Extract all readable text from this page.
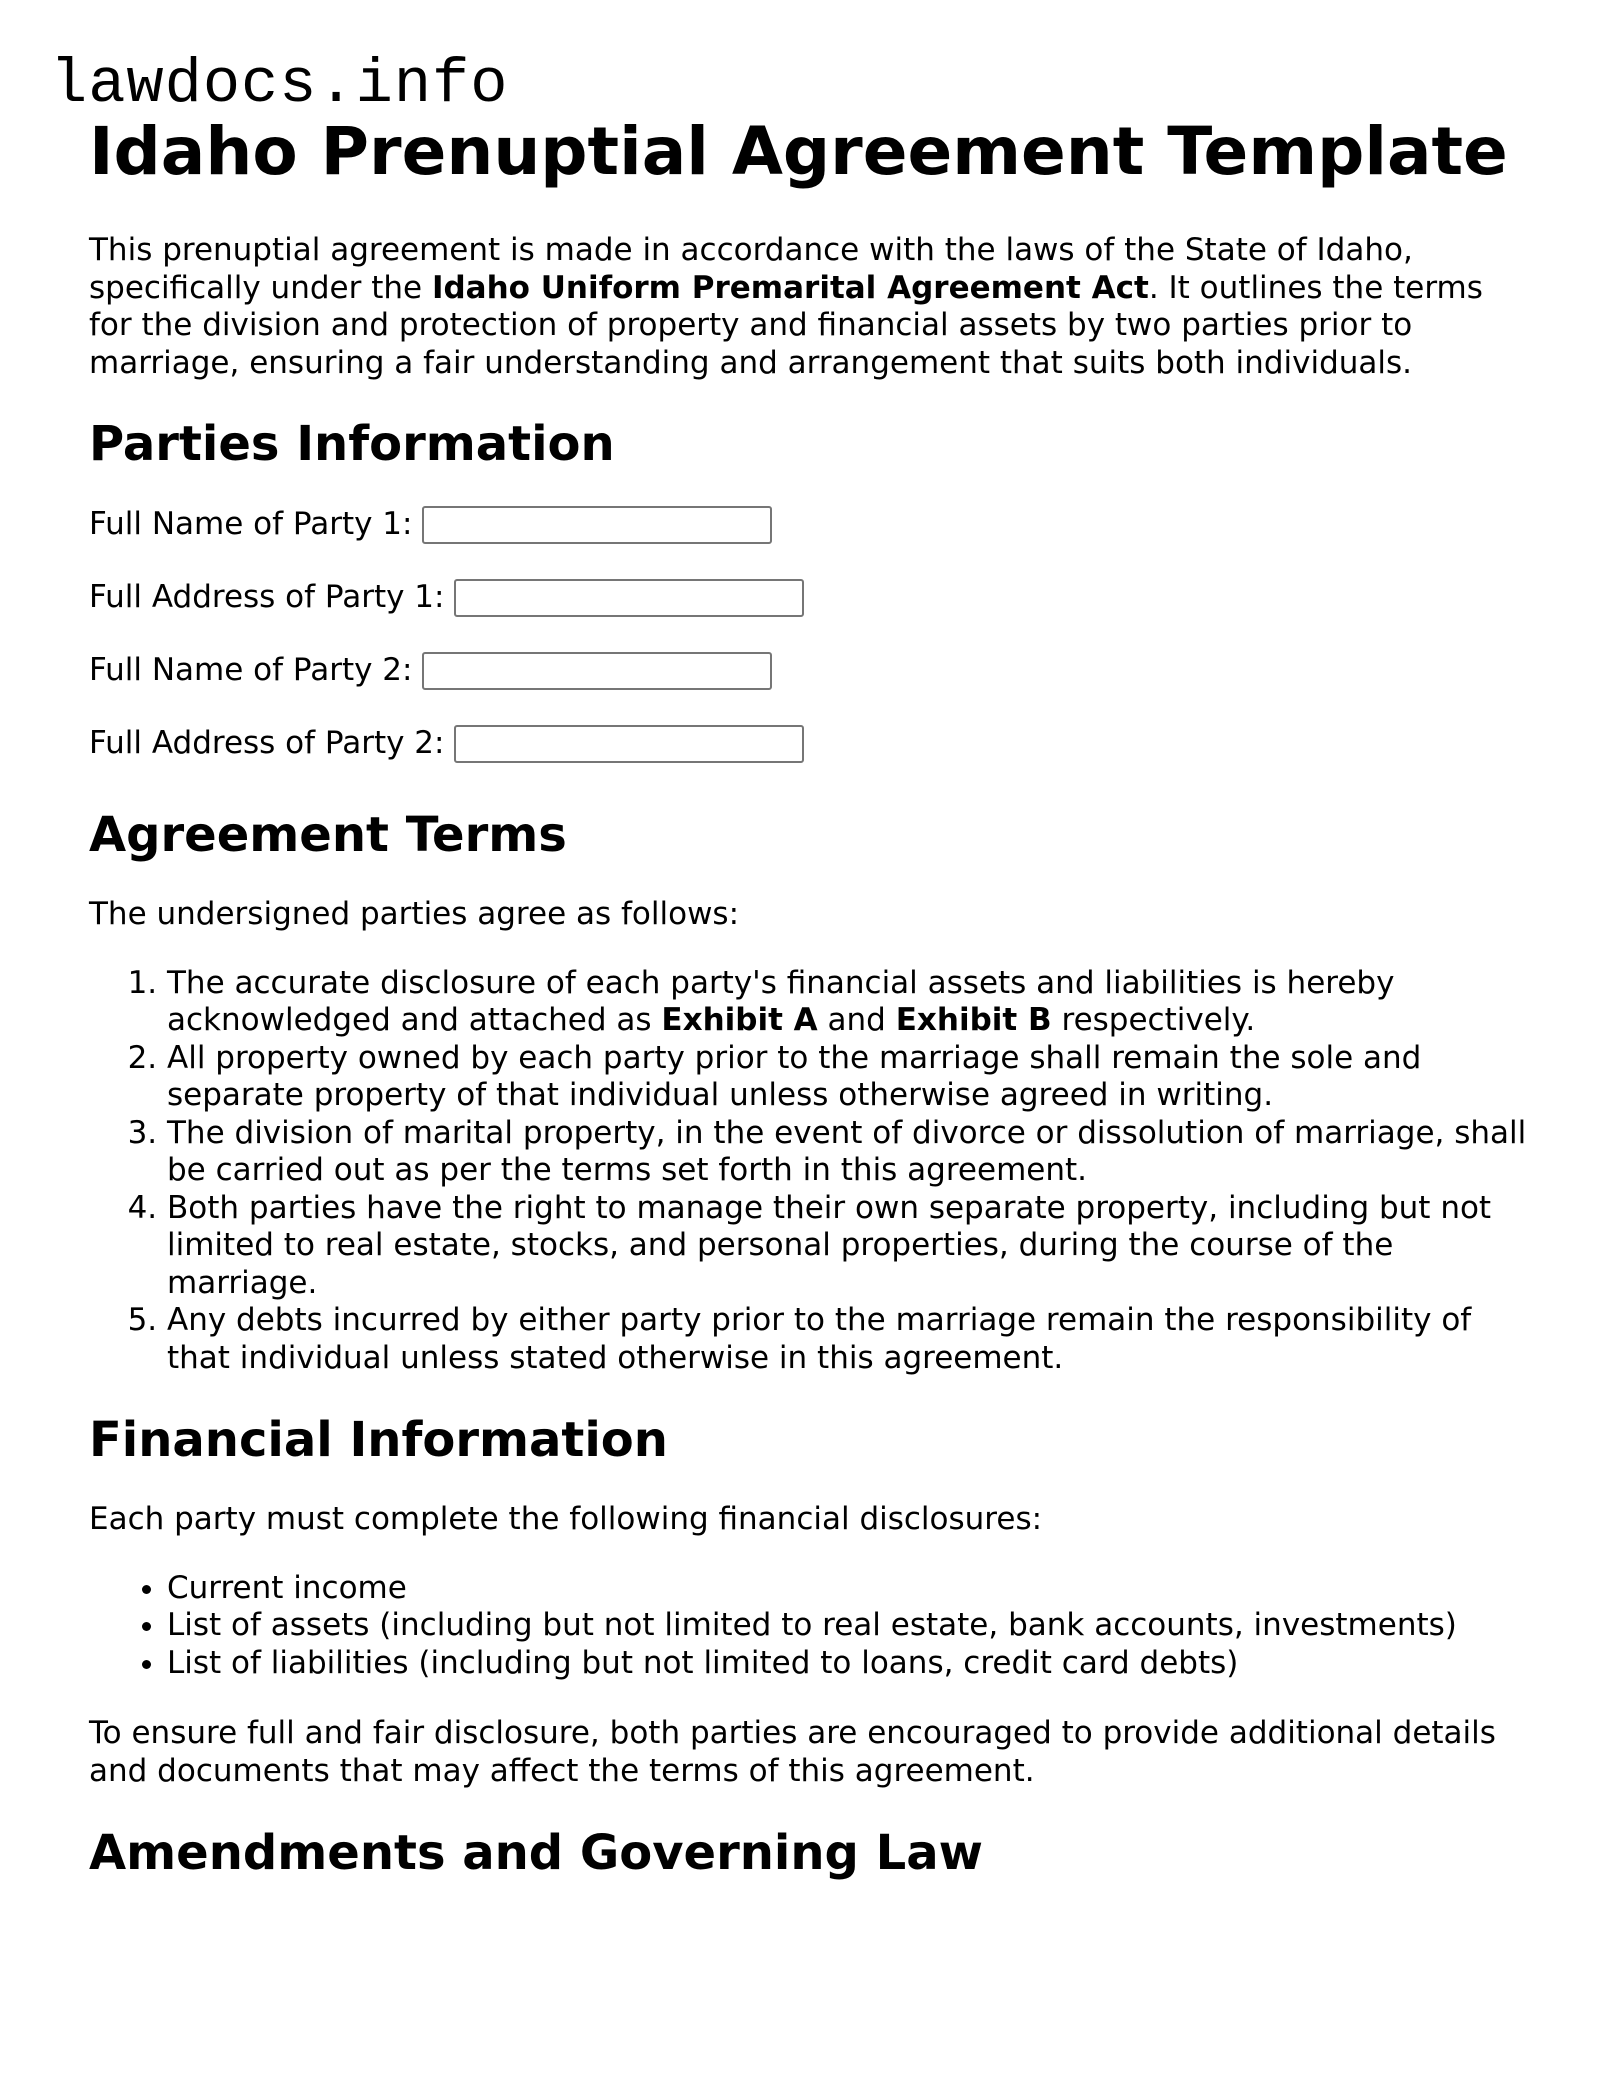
lawdocs.info
Idaho Prenuptial Agreement Template

This prenuptial agreement is made in accordance with the laws of the State of Idaho, specifically under the Idaho Uniform Premarital Agreement Act. It outlines the terms for the division and protection of property and financial assets by two parties prior to marriage, ensuring a fair understanding and arrangement that suits both individuals.

Parties Information
Full Name of Party 1:
Full Address of Party 1:
Full Name of Party 2:
Full Address of Party 2:
Agreement Terms

The undersigned parties agree as follows:

1. The accurate disclosure of each party's financial assets and liabilities is hereby acknowledged and attached as Exhibit A and Exhibit B respectively.
2. All property owned by each party prior to the marriage shall remain the sole and separate property of that individual unless otherwise agreed in writing.
3. The division of marital property, in the event of divorce or dissolution of marriage, shall be carried out as per the terms set forth in this agreement.
4. Both parties have the right to manage their own separate property, including but not limited to real estate, stocks, and personal properties, during the course of the marriage.
5. Any debts incurred by either party prior to the marriage remain the responsibility of that individual unless stated otherwise in this agreement.
Financial Information

Each party must complete the following financial disclosures:

• Current income
• List of assets (including but not limited to real estate, bank accounts, investments)
• List of liabilities (including but not limited to loans, credit card debts)

To ensure full and fair disclosure, both parties are encouraged to provide additional details and documents that may affect the terms of this agreement.

Amendments and Governing Law
